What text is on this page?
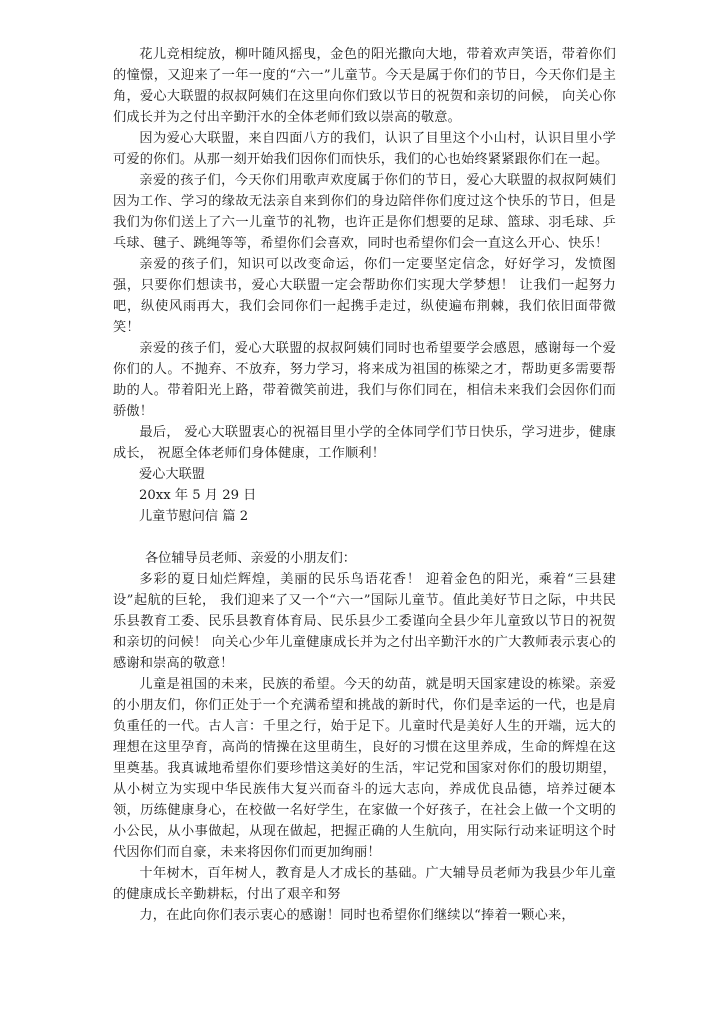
花儿竞相绽放，柳叶随风摇曳，金色的阳光撒向大地，带着欢声笑语，带着你们的憧憬，又迎来了一年一度的“六一”儿童节。今天是属于你们的节日，今天你们是主角，爱心大联盟的叔叔阿姨们在这里向你们致以节日的祝贺和亲切的问候， 向关心你们成长并为之付出辛勤汗水的全体老师们致以崇高的敬意。

因为爱心大联盟，来自四面八方的我们，认识了目里这个小山村，认识目里小学可爱的你们。从那一刻开始我们因你们而快乐，我们的心也始终紧紧跟你们在一起。

亲爱的孩子们，今天你们用歌声欢度属于你们的节日，爱心大联盟的叔叔阿姨们因为工作、学习的缘故无法亲自来到你们的身边陪伴你们度过这个快乐的节日，但是我们为你们送上了六一儿童节的礼物，也许正是你们想要的足球、篮球、羽毛球、乒乓球、毽子、跳绳等等，希望你们会喜欢，同时也希望你们会一直这么开心、快乐！

亲爱的孩子们，知识可以改变命运，你们一定要坚定信念，好好学习，发愤图强，只要你们想读书，爱心大联盟一定会帮助你们实现大学梦想！ 让我们一起努力吧，纵使风雨再大，我们会同你们一起携手走过，纵使遍布荆棘，我们依旧面带微笑！

亲爱的孩子们，爱心大联盟的叔叔阿姨们同时也希望要学会感恩，感谢每一个爱你们的人。不抛弃、不放弃，努力学习，将来成为祖国的栋梁之才，帮助更多需要帮助的人。带着阳光上路，带着微笑前进，我们与你们同在，相信未来我们会因你们而骄傲！

最后， 爱心大联盟衷心的祝福目里小学的全体同学们节日快乐，学习进步，健康成长， 祝愿全体老师们身体健康，工作顺利！

爱心大联盟

20xx 年 5 月 29 日

儿童节慰问信 篇 2

各位辅导员老师、亲爱的小朋友们：

多彩的夏日灿烂辉煌，美丽的民乐鸟语花香！ 迎着金色的阳光，乘着“三县建设”起航的巨轮， 我们迎来了又一个“六一”国际儿童节。值此美好节日之际，中共民乐县教育工委、民乐县教育体育局、民乐县少工委谨向全县少年儿童致以节日的祝贺和亲切的问候！ 向关心少年儿童健康成长并为之付出辛勤汗水的广大教师表示衷心的感谢和崇高的敬意！

儿童是祖国的未来，民族的希望。今天的幼苗，就是明天国家建设的栋梁。亲爱的小朋友们，你们正处于一个充满希望和挑战的新时代，你们是幸运的一代，也是肩负重任的一代。古人言：千里之行，始于足下。儿童时代是美好人生的开端，远大的理想在这里孕育，高尚的情操在这里萌生，良好的习惯在这里养成，生命的辉煌在这里奠基。我真诚地希望你们要珍惜这美好的生活，牢记党和国家对你们的殷切期望，从小树立为实现中华民族伟大复兴而奋斗的远大志向，养成优良品德，培养过硬本领，历练健康身心，在校做一名好学生，在家做一个好孩子，在社会上做一个文明的小公民，从小事做起，从现在做起，把握正确的人生航向，用实际行动来证明这个时代因你们而自豪，未来将因你们而更加绚丽！

十年树木，百年树人，教育是人才成长的基础。广大辅导员老师为我县少年儿童的健康成长辛勤耕耘，付出了艰辛和努

力，在此向你们表示衷心的感谢！同时也希望你们继续以“捧着一颗心来，
